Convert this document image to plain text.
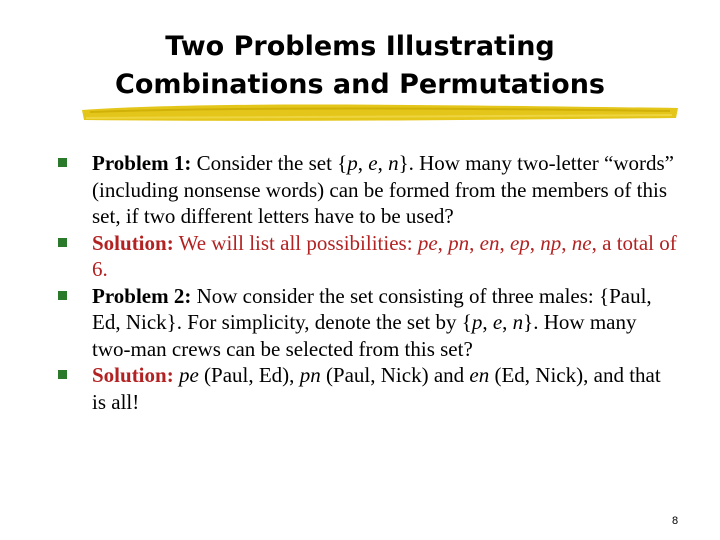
Two Problems Illustrating
Combinations and Permutations
Problem 1: Consider the set {p, e, n}. How many two-letter “words” (including nonsense words) can be formed from the members of this set, if two different letters have to be used?
Solution: We will list all possibilities: pe, pn, en, ep, np, ne, a total of 6.
Problem 2: Now consider the set consisting of three males: {Paul, Ed, Nick}. For simplicity, denote the set by {p, e, n}. How many two-man crews can be selected from this set?
Solution: pe (Paul, Ed), pn (Paul, Nick) and en (Ed, Nick), and that is all!
8
